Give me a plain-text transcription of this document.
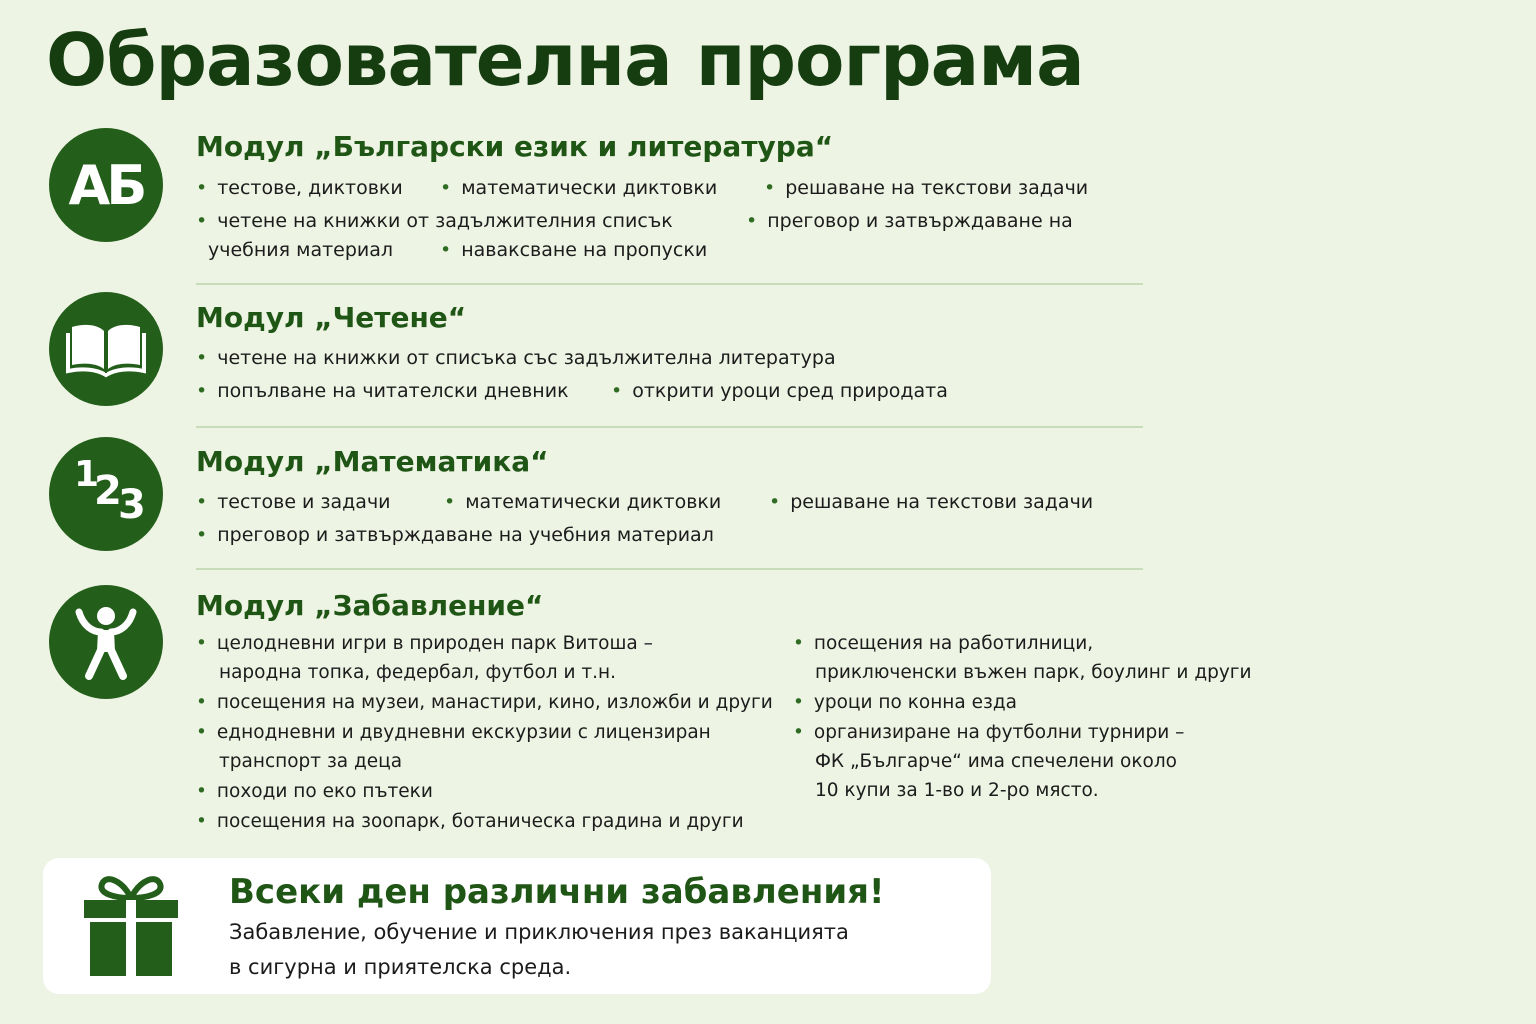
Образователна програма
АБ
Модул „Български език и литература“
• тестове, диктовки • математически диктовки • решаване на текстови задачи
• четене на книжки от задължителния списък	• преговор и затвърждаване на
учебния материал • наваксване на пропуски
Модул „Четене“
• четене на книжки от списъка със задължителна литература
• попълване на читателски дневник • открити уроци сред природата
1
2
3
Модул „Математика“
• тестове и задачи	• математически диктовки	• решаване на текстови задачи
• преговор и затвърждаване на учебния материал
Модул „Забавление“
• целодневни игри в природен парк Витоша –
народна топка, федербал, футбол и т.н.
• посещения на музеи, манастири, кино, изложби и други
• еднодневни и двудневни екскурзии с лицензиран
транспорт за деца
• походи по еко пътеки
• посещения на зоопарк, ботаническа градина и други
• посещения на работилници,
приключенски въжен парк, боулинг и други
• уроци по конна езда
• организиране на футболни турнири –
ФК „Българче“ има спечелени около
10 купи за 1-во и 2-ро място.
Всеки ден различни забавления!
Забавление, обучение и приключения през ваканцията
в сигурна и приятелска среда.
